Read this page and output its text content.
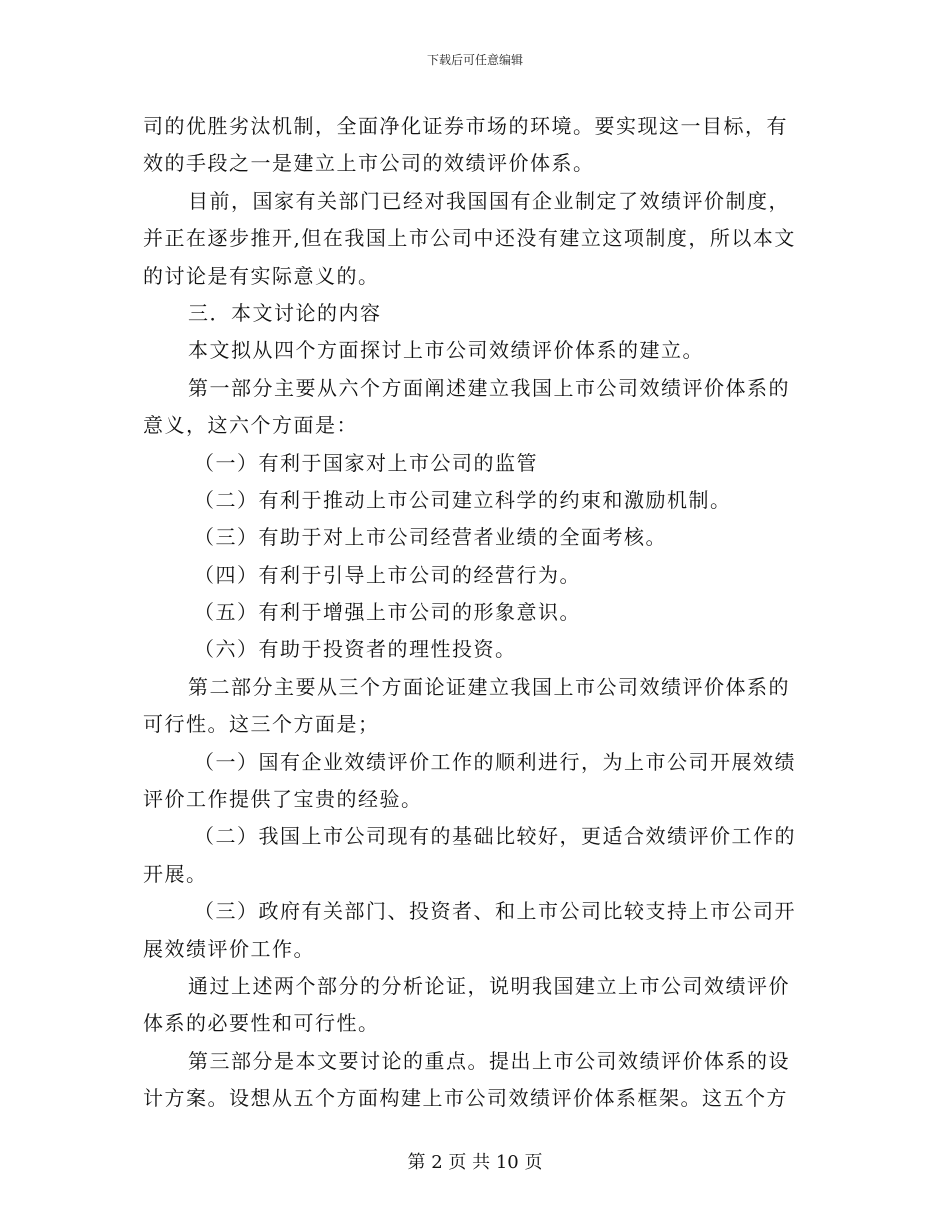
下载后可任意编辑
司的优胜劣汰机制，全面净化证券市场的环境。要实现这一目标，有
效的手段之一是建立上市公司的效绩评价体系。
目前，国家有关部门已经对我国国有企业制定了效绩评价制度，
并正在逐步推开,但在我国上市公司中还没有建立这项制度，所以本文
的讨论是有实际意义的。
三．本文讨论的内容
本文拟从四个方面探讨上市公司效绩评价体系的建立。
第一部分主要从六个方面阐述建立我国上市公司效绩评价体系的
意义，这六个方面是：
（一）有利于国家对上市公司的监管
（二）有利于推动上市公司建立科学的约束和激励机制。
（三）有助于对上市公司经营者业绩的全面考核。
（四）有利于引导上市公司的经营行为。
（五）有利于增强上市公司的形象意识。
（六）有助于投资者的理性投资。
第二部分主要从三个方面论证建立我国上市公司效绩评价体系的
可行性。这三个方面是；
（一）国有企业效绩评价工作的顺利进行，为上市公司开展效绩
评价工作提供了宝贵的经验。
（二）我国上市公司现有的基础比较好，更适合效绩评价工作的
开展。
（三）政府有关部门、投资者、和上市公司比较支持上市公司开
展效绩评价工作。
通过上述两个部分的分析论证，说明我国建立上市公司效绩评价
体系的必要性和可行性。
第三部分是本文要讨论的重点。提出上市公司效绩评价体系的设
计方案。设想从五个方面构建上市公司效绩评价体系框架。这五个方
第 2 页 共 10 页
